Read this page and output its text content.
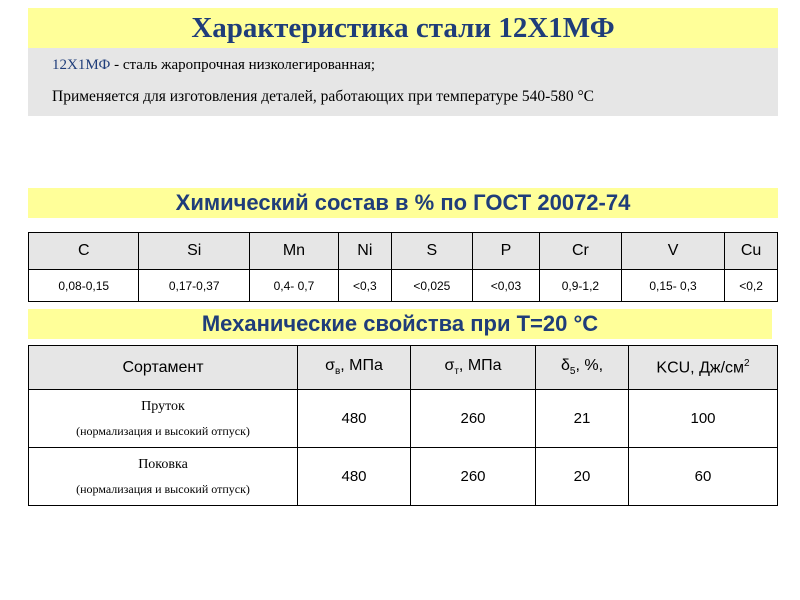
Характеристика стали 12Х1МФ
12Х1МФ - сталь жаропрочная низколегированная;
Применяется для изготовления деталей, работающих при температуре 540-580 °С
Химический состав в % по ГОСТ 20072-74
C	Si	Mn	Ni	S	P	Cr	V	Cu
0,08-0,15	0,17-0,37	0,4- 0,7	<0,3	<0,025	<0,03	0,9-1,2	0,15- 0,3	<0,2
Механические свойства при Т=20 °С
Сортамент	$\sigma_в$, МПа	$\sigma_т$, МПа	$\delta_5$, %,	KCU, $Дж/см^2$

Пруток
(нормализация и высокий отпуск)	480	260	21	100

Поковка
(нормализация и высокий отпуск)	480	260	20	60
